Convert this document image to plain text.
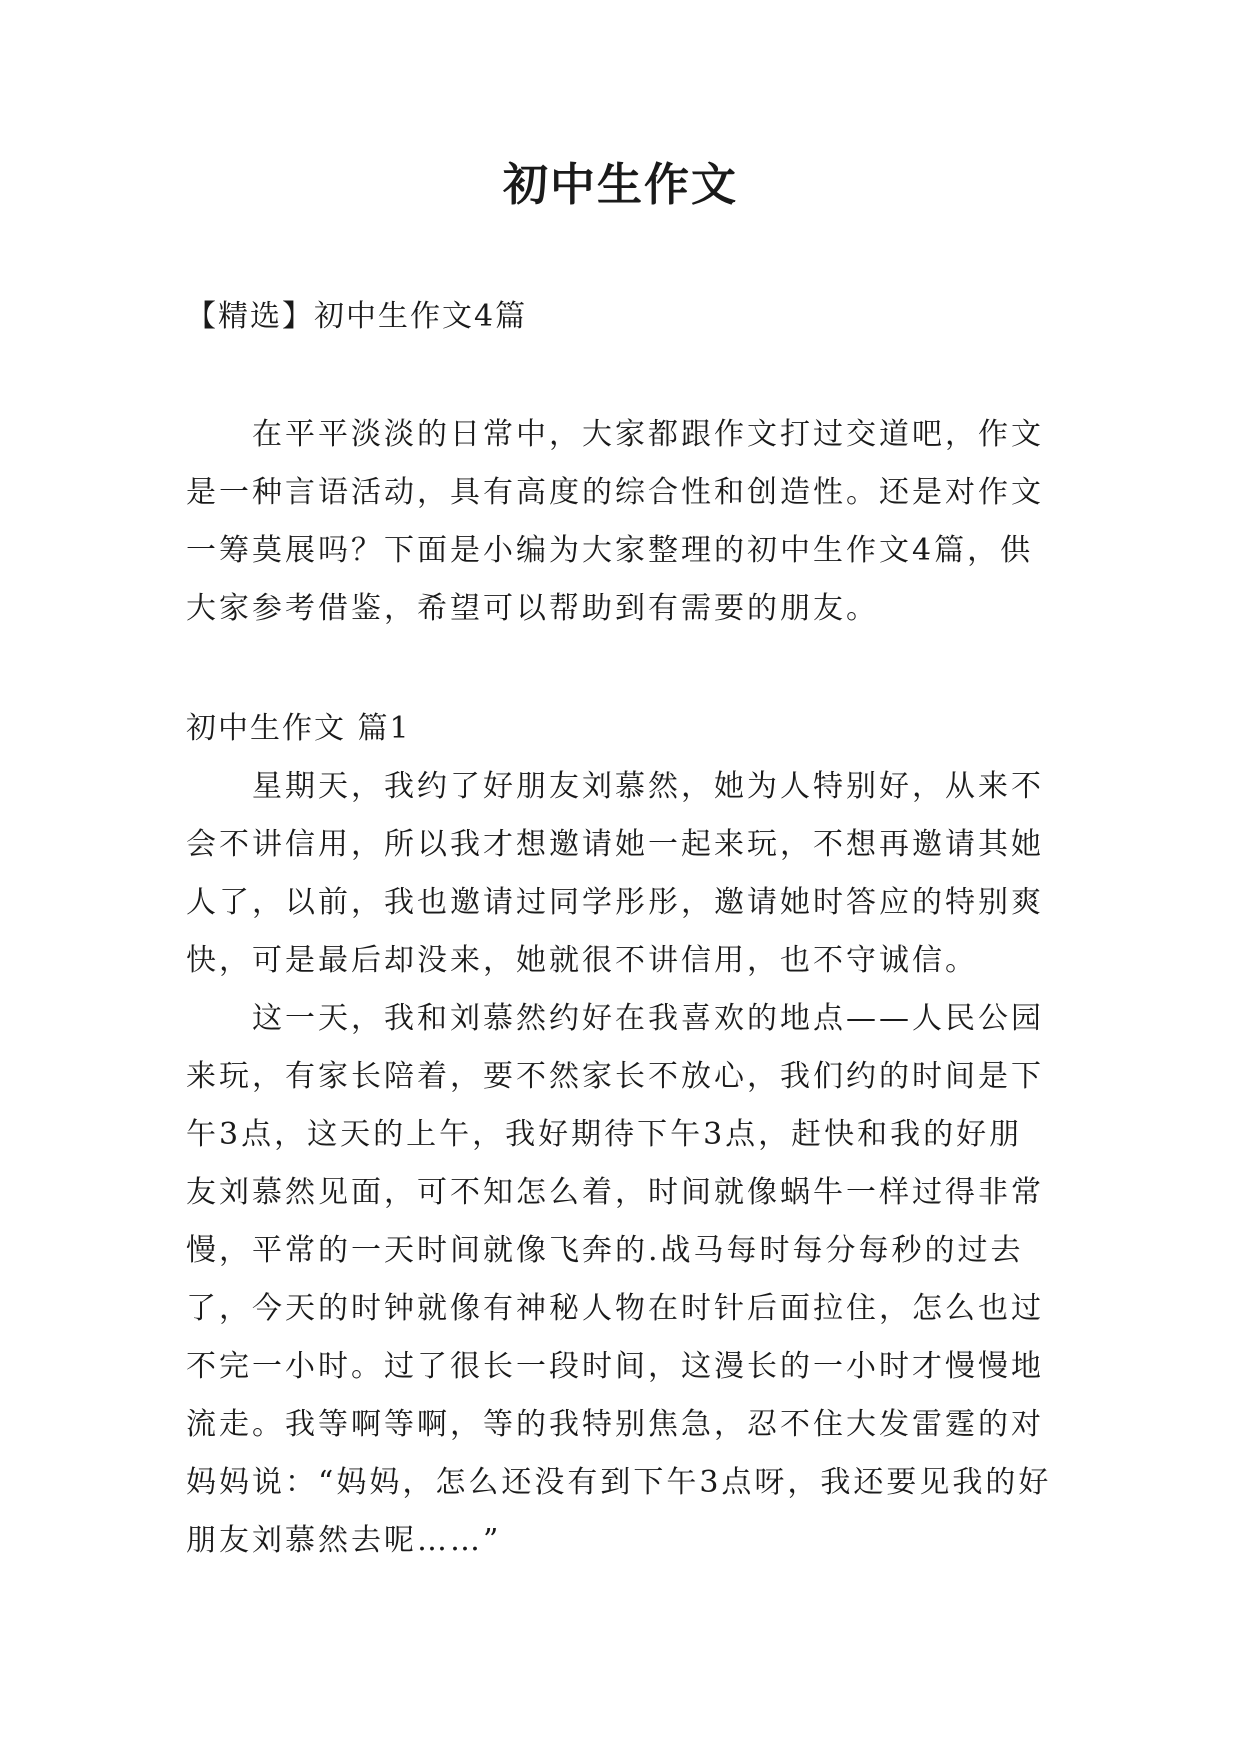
初中生作文

【精选】初中生作文4篇

在平平淡淡的日常中，大家都跟作文打过交道吧，作文是一种言语活动，具有高度的综合性和创造性。还是对作文一筹莫展吗？下面是小编为大家整理的初中生作文4篇，供大家参考借鉴，希望可以帮助到有需要的朋友。

初中生作文 篇1

星期天，我约了好朋友刘慕然，她为人特别好，从来不会不讲信用，所以我才想邀请她一起来玩，不想再邀请其她人了，以前，我也邀请过同学彤彤，邀请她时答应的特别爽快，可是最后却没来，她就很不讲信用，也不守诚信。

这一天，我和刘慕然约好在我喜欢的地点——人民公园来玩，有家长陪着，要不然家长不放心，我们约的时间是下午3点，这天的上午，我好期待下午3点，赶快和我的好朋友刘慕然见面，可不知怎么着，时间就像蜗牛一样过得非常慢，平常的一天时间就像飞奔的.战马每时每分每秒的过去了，今天的时钟就像有神秘人物在时针后面拉住，怎么也过不完一小时。过了很长一段时间，这漫长的一小时才慢慢地流走。我等啊等啊，等的我特别焦急，忍不住大发雷霆的对妈妈说：“妈妈，怎么还没有到下午3点呀，我还要见我的好朋友刘慕然去呢……”
